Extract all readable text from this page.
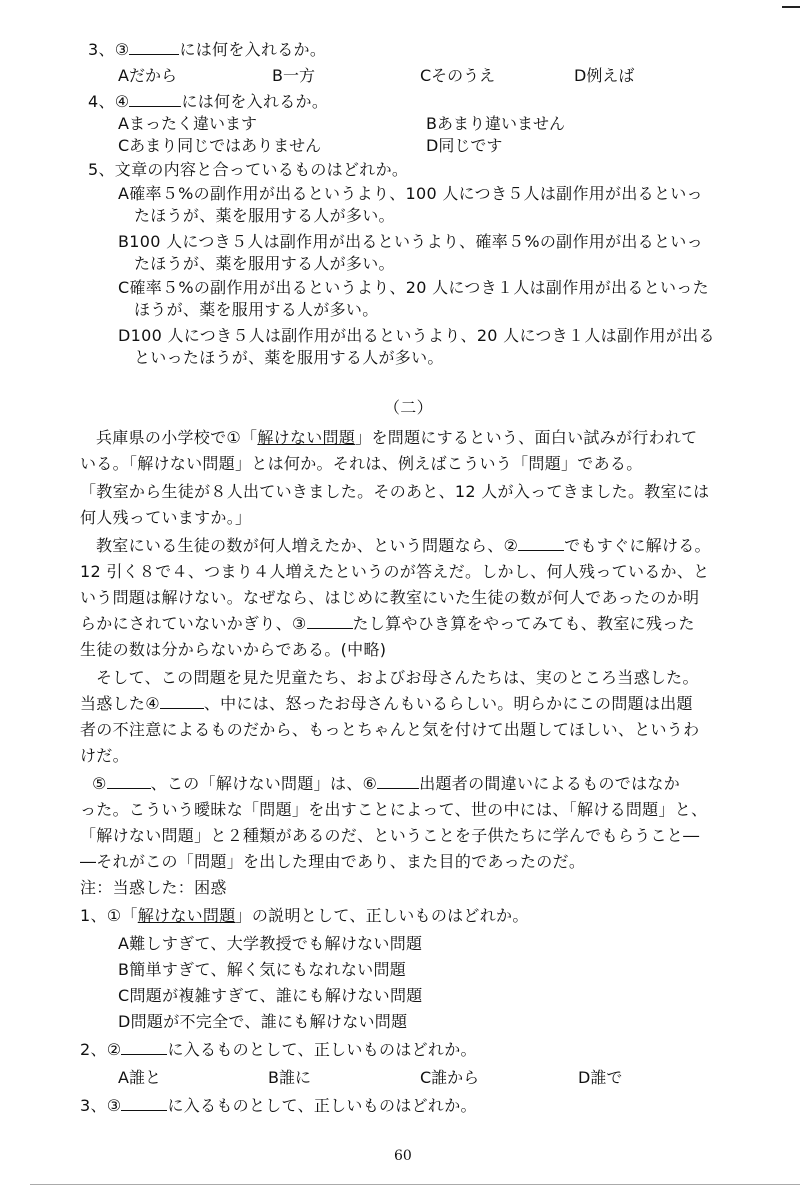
3、③	には何を入れるか。
Aだから	B一方	Cそのうえ	D例えば
4、④	には何を入れるか。
Aまったく違います	Bあまり違いません
Cあまり同じではありません	D同じです
5、文章の内容と合っているものはどれか。
A確率５%の副作用が出るというより、100 人につき５人は副作用が出るといっ
たほうが、薬を服用する人が多い。
B100 人につき５人は副作用が出るというより、確率５%の副作用が出るといっ
たほうが、薬を服用する人が多い。
C確率５%の副作用が出るというより、20 人につき１人は副作用が出るといった
ほうが、薬を服用する人が多い。
D100 人につき５人は副作用が出るというより、20 人につき１人は副作用が出る
といったほうが、薬を服用する人が多い。
（二）
兵庫県の小学校で①「解けない問題」を問題にするという、面白い試みが行われて
いる。「解けない問題」とは何か。それは、例えばこういう「問題」である。
「教室から生徒が８人出ていきました。そのあと、12 人が入ってきました。教室には
何人残っていますか。」
教室にいる生徒の数が何人増えたか、という問題なら、②	でもすぐに解ける。
12 引く８で４、つまり４人増えたというのが答えだ。しかし、何人残っているか、と
いう問題は解けない。なぜなら、はじめに教室にいた生徒の数が何人であったのか明
らかにされていないかぎり、③	たし算やひき算をやってみても、教室に残った
生徒の数は分からないからである。(中略)
そして、この問題を見た児童たち、およびお母さんたちは、実のところ当惑した。
当惑した④	、中には、怒ったお母さんもいるらしい。明らかにこの問題は出題
者の不注意によるものだから、もっとちゃんと気を付けて出題してほしい、というわ
けだ。
⑤	、この「解けない問題」は、⑥	出題者の間違いによるものではなか
った。こういう曖昧な「問題」を出すことによって、世の中には、「解ける問題」と、
「解けない問題」と２種類があるのだ、ということを子供たちに学んでもらうこと―
―それがこの「問題」を出した理由であり、また目的であったのだ。
注：当惑した：困惑
1、①「解けない問題」の説明として、正しいものはどれか。
A難しすぎて、大学教授でも解けない問題
B簡単すぎて、解く気にもなれない問題
C問題が複雑すぎて、誰にも解けない問題
D問題が不完全で、誰にも解けない問題
2、②	に入るものとして、正しいものはどれか。
A誰と	B誰に	C誰から	D誰で
3、③	に入るものとして、正しいものはどれか。
60
